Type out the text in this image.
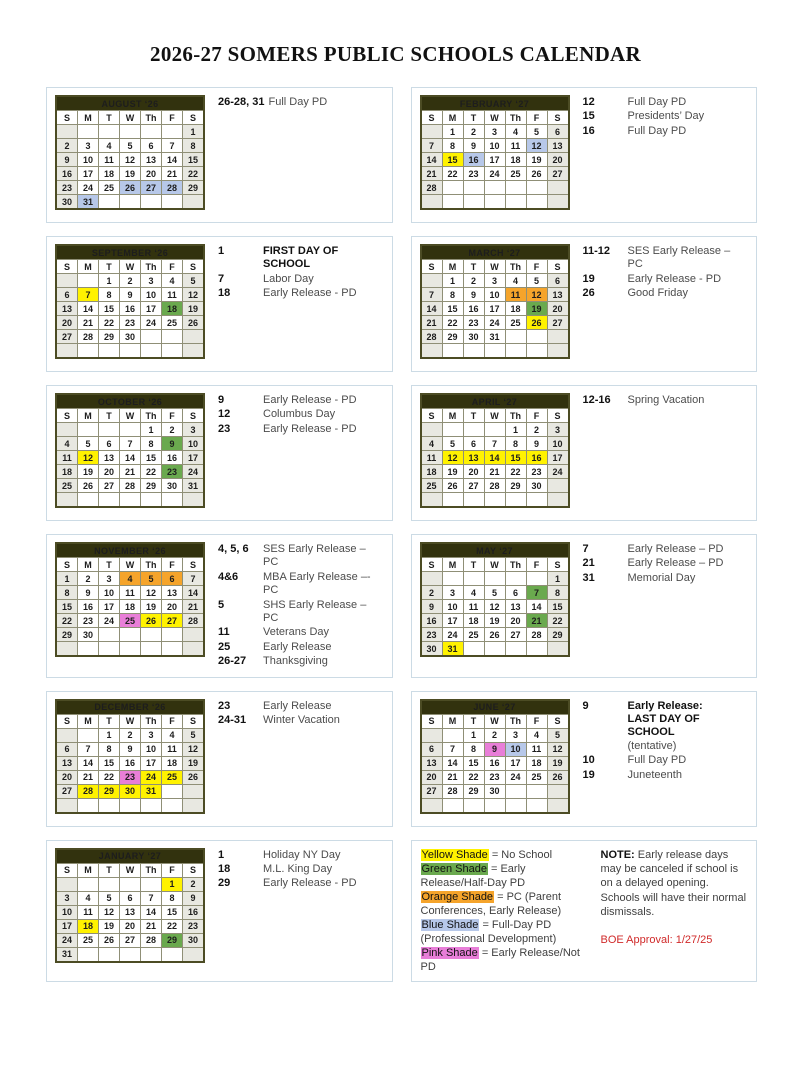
2026-27 SOMERS PUBLIC SCHOOLS CALENDAR
AUGUST ‘26						
S	M	T	W	Th	F	S
						1
2	3	4	5	6	7	8
9	10	11	12	13	14	15
16	17	18	19	20	21	22
23	24	25	26	27	28	29
30	31					
26-28, 31 Full Day PD	FEBRUARY ‘27						
S	M	T	W	Th	F	S
	1	2	3	4	5	6
7	8	9	10	11	12	13
14	15	16	17	18	19	20
21	22	23	24	25	26	27
28						

12	Full Day PD
15	Presidents’ Day
16	Full Day PD
SEPTEMBER ‘26						
S	M	T	W	Th	F	S
		1	2	3	4	5
6	7	8	9	10	11	12
13	14	15	16	17	18	19
20	21	22	23	24	25	26
27	28	29	30			

1	FIRST DAY OF SCHOOL
7	Labor Day
18	Early Release - PD
MARCH ‘27						
S	M	T	W	Th	F	S
	1	2	3	4	5	6
7	8	9	10	11	12	13
14	15	16	17	18	19	20
21	22	23	24	25	26	27
28	29	30	31			

11-12	SES Early Release – PC
19	Early Release - PD
26	Good Friday
OCTOBER ‘26						
S	M	T	W	Th	F	S
				1	2	3
4	5	6	7	8	9	10
11	12	13	14	15	16	17
18	19	20	21	22	23	24
25	26	27	28	29	30	31

9	Early Release - PD
12	Columbus Day
23	Early Release - PD
APRIL ‘27						
S	M	T	W	Th	F	S
				1	2	3
4	5	6	7	8	9	10
11	12	13	14	15	16	17
18	19	20	21	22	23	24
25	26	27	28	29	30	

12-16	Spring Vacation
NOVEMBER ‘26						
S	M	T	W	Th	F	S
1	2	3	4	5	6	7
8	9	10	11	12	13	14
15	16	17	18	19	20	21
22	23	24	25	26	27	28
29	30					

4, 5, 6	SES Early Release – PC
4&6	MBA Early Release –- PC
5	SHS Early Release – PC
11	Veterans Day
25	Early Release
26-27	Thanksgiving
MAY ‘27						
S	M	T	W	Th	F	S
						1
2	3	4	5	6	7	8
9	10	11	12	13	14	15
16	17	18	19	20	21	22
23	24	25	26	27	28	29
30	31					
7	Early Release – PD
21	Early Release – PD
31	Memorial Day
DECEMBER ‘26						
S	M	T	W	Th	F	S
		1	2	3	4	5
6	7	8	9	10	11	12
13	14	15	16	17	18	19
20	21	22	23	24	25	26
27	28	29	30	31		

23	Early Release
24-31	Winter Vacation
JUNE ‘27						
S	M	T	W	Th	F	S
		1	2	3	4	5
6	7	8	9	10	11	12
13	14	15	16	17	18	19
20	21	22	23	24	25	26
27	28	29	30			

9	Early Release:
LAST DAY OF SCHOOL
(tentative)
10	Full Day PD
19	Juneteenth
JANUARY ‘27						
S	M	T	W	Th	F	S
					1	2
3	4	5	6	7	8	9
10	11	12	13	14	15	16
17	18	19	20	21	22	23
24	25	26	27	28	29	30
31						
1	Holiday NY Day
18	M.L. King Day
29	Early Release - PD
Yellow Shade = No School
Green Shade = Early Release/Half-Day PD
Orange Shade = PC (Parent Conferences, Early Release)
Blue Shade = Full-Day PD (Professional Development)
Pink Shade = Early Release/Not PD
NOTE: Early release days may be canceled if school is on a delayed opening. Schools will have their normal dismissals.
BOE Approval: 1/27/25
